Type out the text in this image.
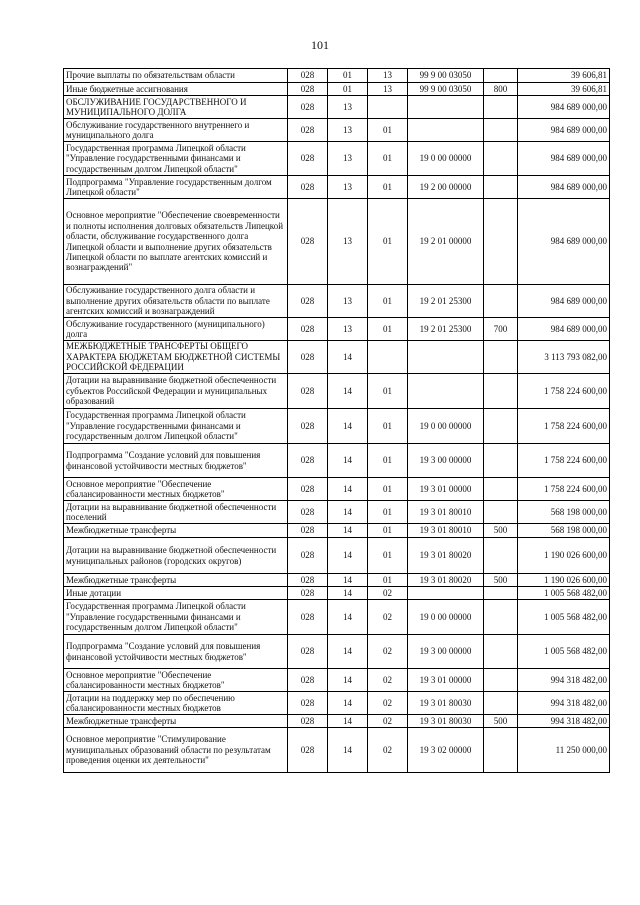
101
Прочие выплаты по обязательствам области	028	01	13	99 9 00 03050		39 606,81
Иные бюджетные ассигнования	028	01	13	99 9 00 03050	800	39 606,81
ОБСЛУЖИВАНИЕ ГОСУДАРСТВЕННОГО И МУНИЦИПАЛЬНОГО ДОЛГА	028	13				984 689 000,00
Обслуживание государственного внутреннего и муниципального долга	028	13	01			984 689 000,00
Государственная программа Липецкой области "Управление государственными финансами и государственным долгом Липецкой области"	028	13	01	19 0 00 00000		984 689 000,00
Подпрограмма "Управление государственным долгом Липецкой области"	028	13	01	19 2 00 00000		984 689 000,00
Основное мероприятие "Обеспечение своевременности и полноты исполнения долговых обязательств Липецкой области, обслуживание государственного долга Липецкой области и выполнение других обязательств Липецкой области по выплате агентских комиссий и вознаграждений"	028	13	01	19 2 01 00000		984 689 000,00
Обслуживание государственного долга области и выполнение других обязательств области по выплате агентских комиссий и вознаграждений	028	13	01	19 2 01 25300		984 689 000,00
Обслуживание государственного (муниципального) долга	028	13	01	19 2 01 25300	700	984 689 000,00
МЕЖБЮДЖЕТНЫЕ ТРАНСФЕРТЫ ОБЩЕГО ХАРАКТЕРА БЮДЖЕТАМ БЮДЖЕТНОЙ СИСТЕМЫ РОССИЙСКОЙ ФЕДЕРАЦИИ	028	14				3 113 793 082,00
Дотации на выравнивание бюджетной обеспеченности субъектов Российской Федерации и муниципальных образований	028	14	01			1 758 224 600,00
Государственная программа Липецкой области "Управление государственными финансами и государственным долгом Липецкой области"	028	14	01	19 0 00 00000		1 758 224 600,00
Подпрограмма "Создание условий для повышения финансовой устойчивости местных бюджетов"	028	14	01	19 3 00 00000		1 758 224 600,00
Основное мероприятие "Обеспечение сбалансированности местных бюджетов"	028	14	01	19 3 01 00000		1 758 224 600,00
Дотации на выравнивание бюджетной обеспеченности поселений	028	14	01	19 3 01 80010		568 198 000,00
Межбюджетные трансферты	028	14	01	19 3 01 80010	500	568 198 000,00
Дотации на выравнивание бюджетной обеспеченности муниципальных районов (городских округов)	028	14	01	19 3 01 80020		1 190 026 600,00
Межбюджетные трансферты	028	14	01	19 3 01 80020	500	1 190 026 600,00
Иные дотации	028	14	02			1 005 568 482,00
Государственная программа Липецкой области "Управление государственными финансами и государственным долгом Липецкой области"	028	14	02	19 0 00 00000		1 005 568 482,00
Подпрограмма "Создание условий для повышения финансовой устойчивости местных бюджетов"	028	14	02	19 3 00 00000		1 005 568 482,00
Основное мероприятие "Обеспечение сбалансированности местных бюджетов"	028	14	02	19 3 01 00000		994 318 482,00
Дотации на поддержку мер по обеспечению сбалансированности местных бюджетов	028	14	02	19 3 01 80030		994 318 482,00
Межбюджетные трансферты	028	14	02	19 3 01 80030	500	994 318 482,00
Основное мероприятие "Стимулирование муниципальных образований области по результатам проведения оценки их деятельности"	028	14	02	19 3 02 00000		11 250 000,00
